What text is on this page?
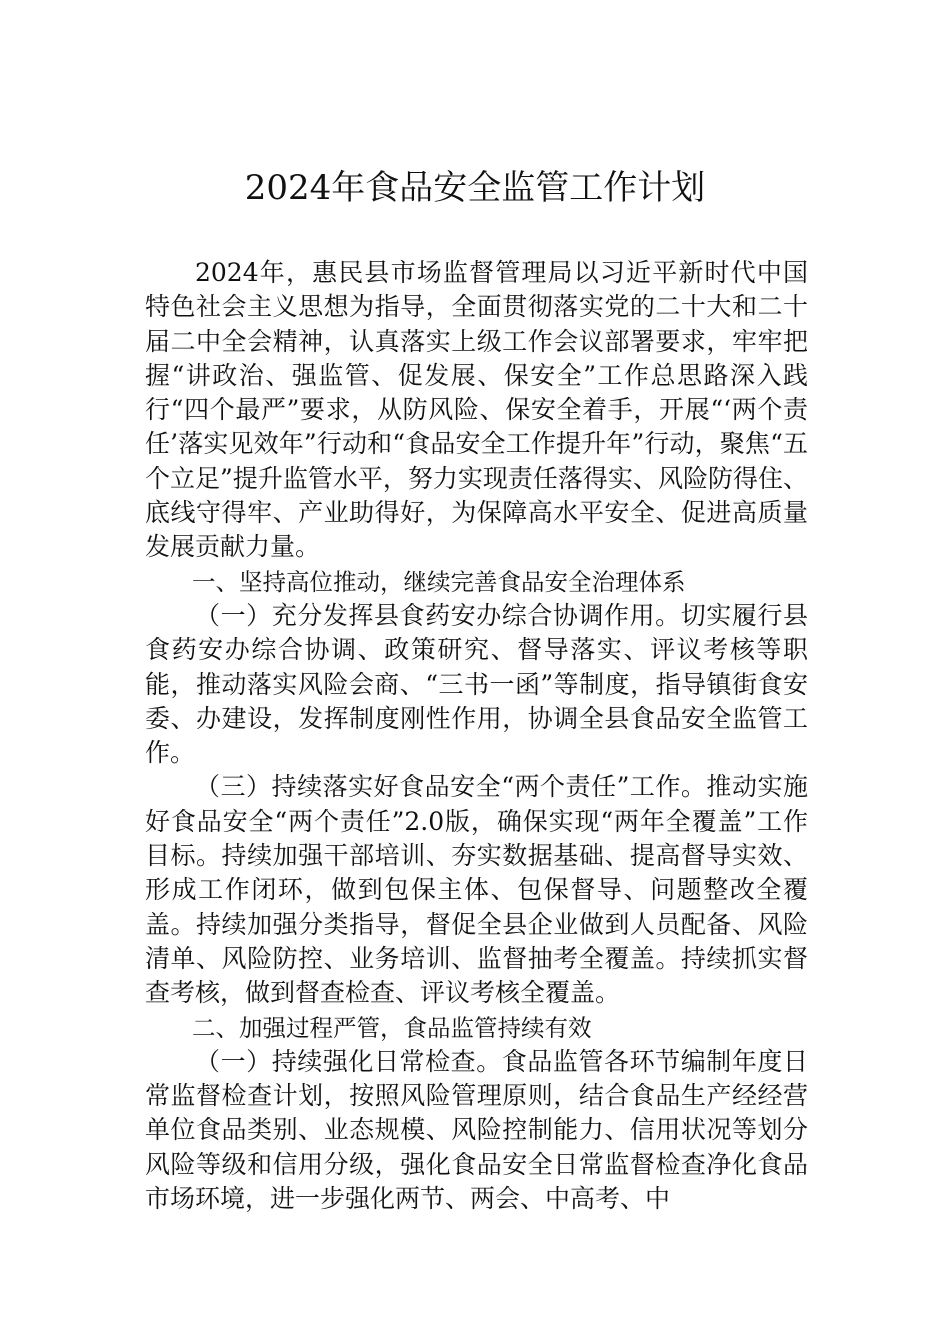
2024年食品安全监管工作计划

2024年，惠民县市场监督管理局以习近平新时代中国特色社会主义思想为指导，全面贯彻落实党的二十大和二十届二中全会精神，认真落实上级工作会议部署要求，牢牢把握“讲政治、强监管、促发展、保安全”工作总思路深入践行“四个最严”要求，从防风险、保安全着手，开展“‘两个责任’落实见效年”行动和“食品安全工作提升年”行动，聚焦“五个立足”提升监管水平，努力实现责任落得实、风险防得住、底线守得牢、产业助得好，为保障高水平安全、促进高质量发展贡献力量。

一、坚持高位推动，继续完善食品安全治理体系

（一）充分发挥县食药安办综合协调作用。切实履行县食药安办综合协调、政策研究、督导落实、评议考核等职能，推动落实风险会商、“三书一函”等制度，指导镇街食安委、办建设，发挥制度刚性作用，协调全县食品安全监管工作。

（三）持续落实好食品安全“两个责任”工作。推动实施好食品安全“两个责任”2.0版，确保实现“两年全覆盖”工作目标。持续加强干部培训、夯实数据基础、提高督导实效、形成工作闭环，做到包保主体、包保督导、问题整改全覆盖。持续加强分类指导，督促全县企业做到人员配备、风险清单、风险防控、业务培训、监督抽考全覆盖。持续抓实督查考核，做到督查检查、评议考核全覆盖。

二、加强过程严管，食品监管持续有效

（一）持续强化日常检查。食品监管各环节编制年度日常监督检查计划，按照风险管理原则，结合食品生产经经营单位食品类别、业态规模、风险控制能力、信用状况等划分风险等级和信用分级，强化食品安全日常监督检查净化食品市场环境，进一步强化两节、两会、中高考、中
